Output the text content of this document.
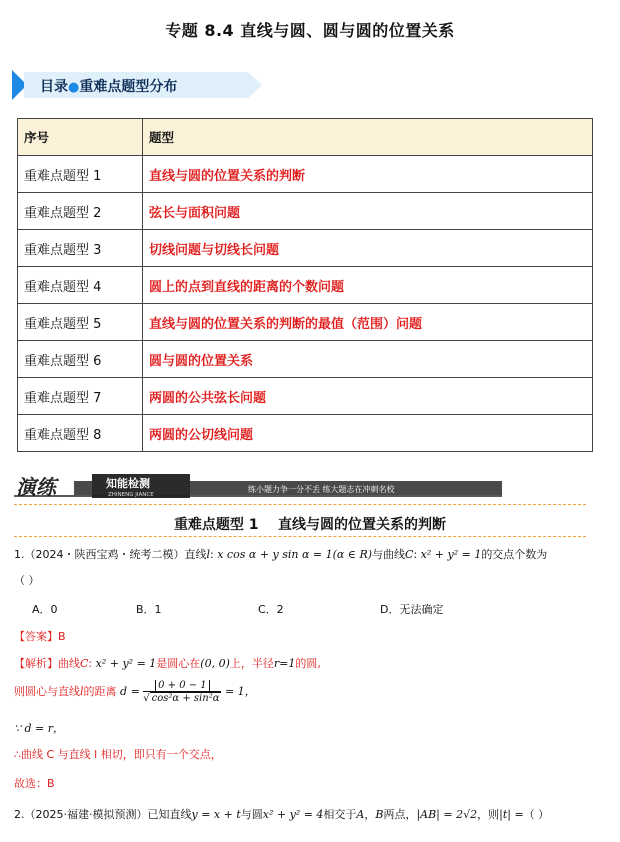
专题 8.4 直线与圆、圆与圆的位置关系
目录●重难点题型分布
序号	题型
重难点题型 1	直线与圆的位置关系的判断
重难点题型 2	弦长与面积问题
重难点题型 3	切线问题与切线长问题
重难点题型 4	圆上的点到直线的距离的个数问题
重难点题型 5	直线与圆的位置关系的判断的最值（范围）问题
重难点题型 6	圆与圆的位置关系
重难点题型 7	两圆的公共弦长问题
重难点题型 8	两圆的公切线问题
演练	知能检测
ZHINENG JIANCE
练小题力争一分不丢 练大题志在冲刺名校
重难点题型 1    直线与圆的位置关系的判断
1.（2024・陕西宝鸡・统考二模）直线l: x cos α + y sin α = 1(α ∈ R)与曲线C: x² + y² = 1的交点个数为
（ ）
A．0	B．1	C．2	D．无法确定
【答案】B
【解析】曲线C: x² + y² = 1是圆心在(0, 0)上，半径r=1的圆,
则圆心与直线l的距离 $d = \frac{0 + 0 - 1}{\text{√ cos²α + sin²α}} = 1$，
∵ d = r，
∴曲线 C 与直线 l 相切，即只有一个交点，
故选：B
2.（2025·福建·模拟预测）已知直线y = x + t与圆x² + y² = 4相交于A，B两点，|AB| = 2√2，则|t| =（ ）
